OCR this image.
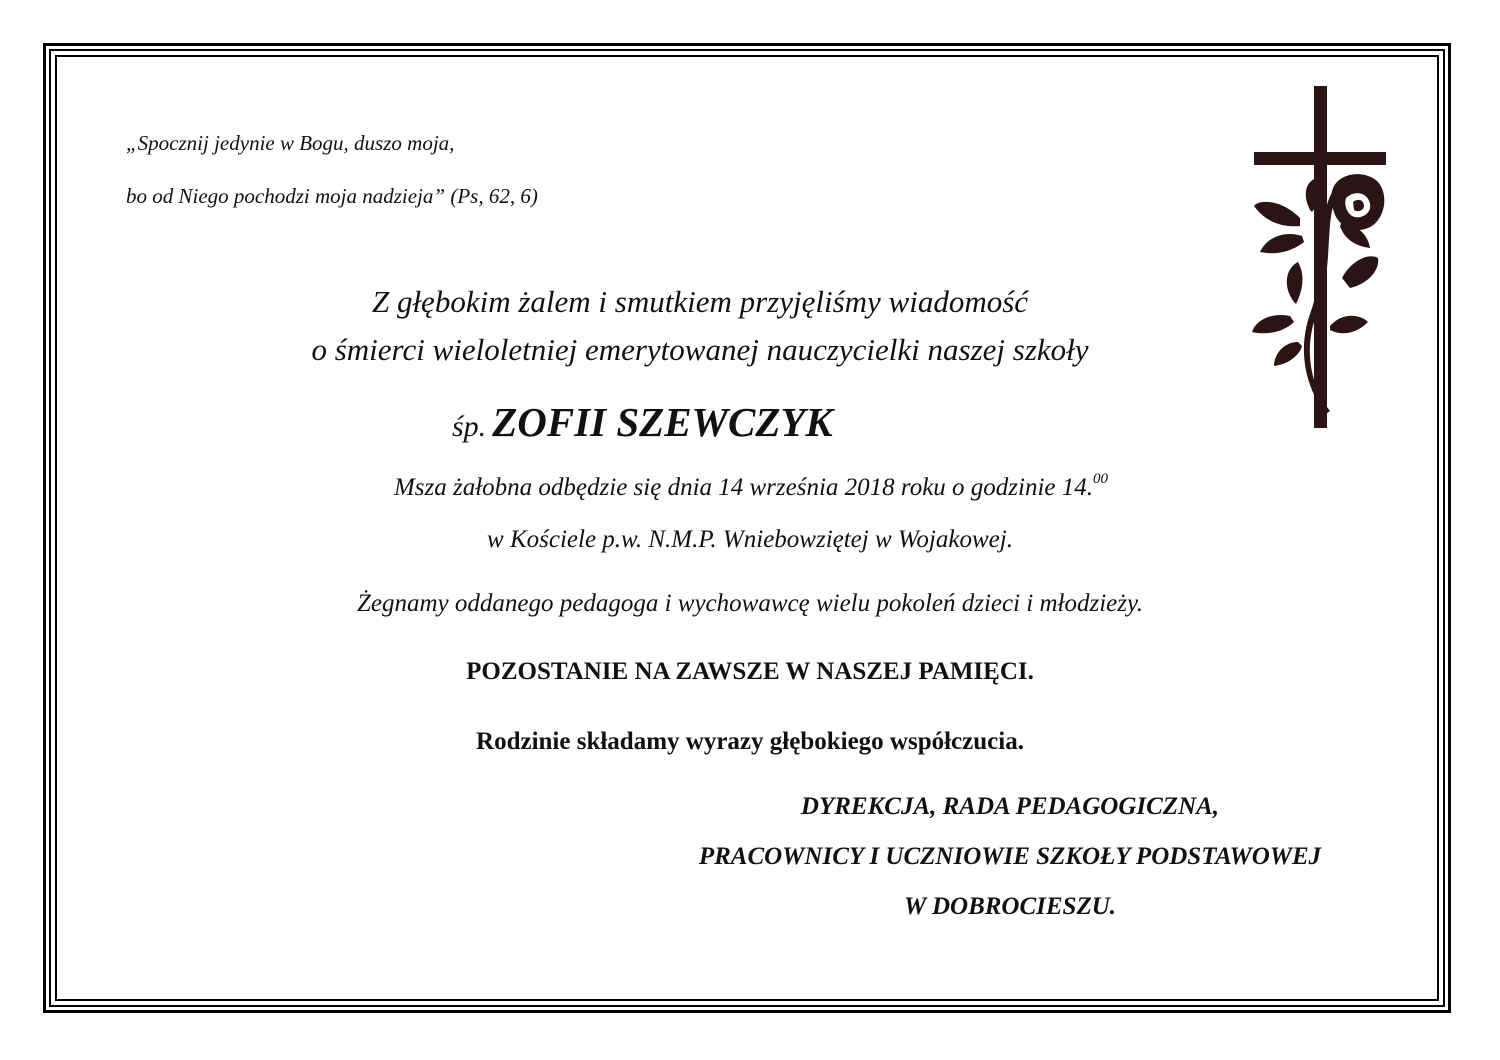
„Spocznij jedynie w Bogu, duszo moja,
bo od Niego pochodzi moja nadzieja” (Ps, 62, 6)
Z głębokim żalem i smutkiem przyjęliśmy wiadomość
o śmierci wieloletniej emerytowanej nauczycielki naszej szkoły
śp. ZOFII SZEWCZYK
Msza żałobna odbędzie się dnia 14 września 2018 roku o godzinie 14.00
w Kościele p.w. N.M.P. Wniebowziętej w Wojakowej.
Żegnamy oddanego pedagoga i wychowawcę wielu pokoleń dzieci i młodzieży.
POZOSTANIE NA ZAWSZE W NASZEJ PAMIĘCI.
Rodzinie składamy wyrazy głębokiego współczucia.
DYREKCJA, RADA PEDAGOGICZNA,
PRACOWNICY I UCZNIOWIE SZKOŁY PODSTAWOWEJ
W DOBROCIESZU.
